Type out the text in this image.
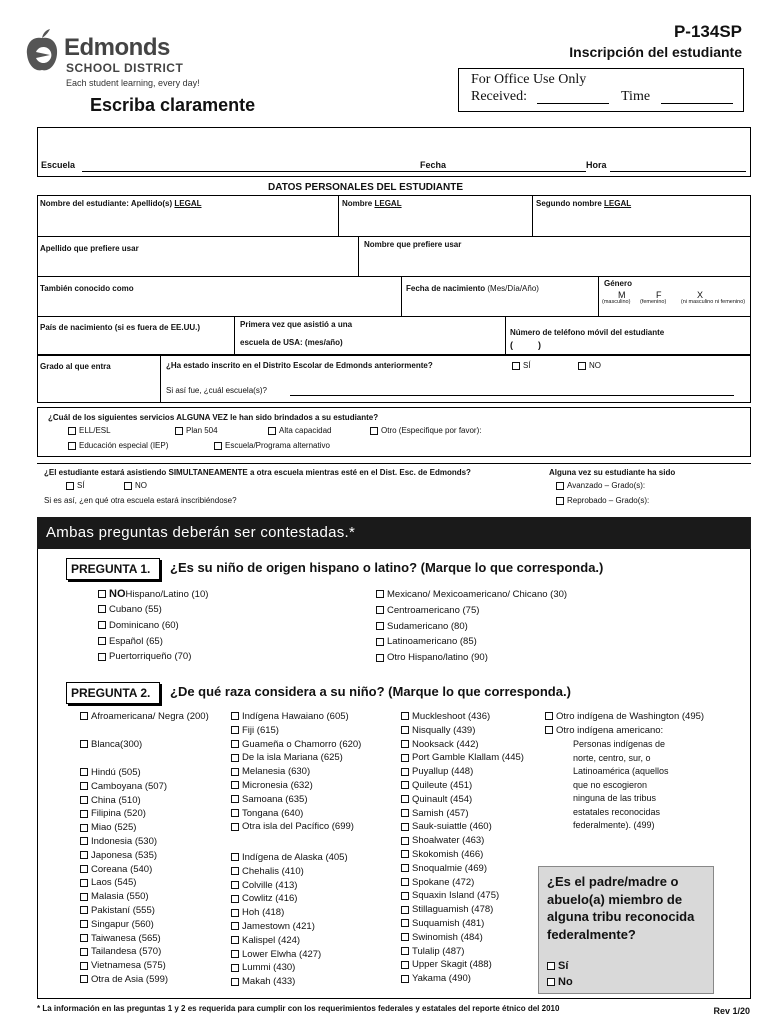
Edmonds
SCHOOL DISTRICT
Each student learning, every day!
Escriba claramente
P-134SP
Inscripción del estudiante
For Office Use Only
Received:	Time
Escuela	Fecha	Hora
DATOS PERSONALES DEL ESTUDIANTE
Nombre del estudiante: Apellido(s) LEGAL	Nombre LEGAL	Segundo nombre LEGAL
Apellido que prefiere usar	Nombre que prefiere usar
También conocido como	Fecha de nacimiento (Mes/Día/Año)
Género
M	F	X
(masculino) (femenino)	(ni masculino ni femenino)
País de nacimiento (si es fuera de EE.UU.)	Primera vez que asistió a una
escuela de USA: (mes/año)
Número de teléfono móvil del estudiante
(          )
Grado al que entra	¿Ha estado inscrito en el Distrito Escolar de Edmonds anteriormente?	SÍ	NO
Si así fue, ¿cuál escuela(s)?
¿Cuál de los siguientes servicios ALGUNA VEZ le han sido brindados a su estudiante?
ELL/ESL	Plan 504	Alta capacidad	Otro (Especifique por favor):
Educación especial (IEP)	Escuela/Programa alternativo
¿El estudiante estará asistiendo SIMULTANEAMENTE a otra escuela mientras esté en el Dist. Esc. de Edmonds?	Alguna vez su estudiante ha sido
SÍ	NO
Si es así, ¿en qué otra escuela estará inscribiéndose?
Avanzado – Grado(s):
Reprobado – Grado(s):
Ambas preguntas deberán ser contestadas.*
PREGUNTA 1.	¿Es su niño de origen hispano o latino? (Marque lo que corresponda.)
NOHispano/Latino (10)
Cubano (55)
Dominicano (60)
Español (65)
Puertorriqueño (70)
Mexicano/ Mexicoamericano/ Chicano (30)
Centroamericano (75)
Sudamericano (80)
Latinoamericano (85)
Otro Hispano/latino (90)
PREGUNTA 2.	¿De qué raza considera a su niño? (Marque lo que corresponda.)
Afroamericana/ Negra (200)
Blanca(300)
Hindú (505)
Camboyana (507)
China (510)
Filipina (520)
Miao (525)
Indonesia (530)
Japonesa (535)
Coreana (540)
Laos (545)
Malasia (550)
Pakistaní (555)
Singapur (560)
Taiwanesa (565)
Tailandesa (570)
Vietnamesa (575)
Otra de Asia (599)
Indígena Hawaiano (605)
Fiji (615)
Guameña o Chamorro (620)
De la isla Mariana (625)
Melanesia (630)
Micronesia (632)
Samoana (635)
Tongana (640)
Otra isla del Pacífico (699)
Indígena de Alaska (405)
Chehalis (410)
Colville (413)
Cowlitz (416)
Hoh (418)
Jamestown (421)
Kalispel (424)
Lower Elwha (427)
Lummi (430)
Makah (433)
Muckleshoot (436)
Nisqually (439)
Nooksack (442)
Port Gamble Klallam (445)
Puyallup (448)
Quileute (451)
Quinault (454)
Samish (457)
Sauk-suiattle (460)
Shoalwater (463)
Skokomish (466)
Snoqualmie (469)
Spokane (472)
Squaxin Island (475)
Stillaguamish (478)
Suquamish (481)
Swinomish (484)
Tulalip (487)
Upper Skagit (488)
Yakama (490)
Otro indígena de Washington (495)
Otro indígena americano:
Personas indígenas de
norte, centro, sur, o
Latinoamérica (aquellos
que no escogieron
ninguna de las tribus
estatales reconocidas
federalmente). (499)
¿Es el padre/madre o
abuelo(a) miembro de
alguna tribu reconocida
federalmente?
Sí
No
* La información en las preguntas 1 y 2 es requerida para cumplir con los requerimientos federales y estatales del reporte étnico del 2010	Rev 1/20
